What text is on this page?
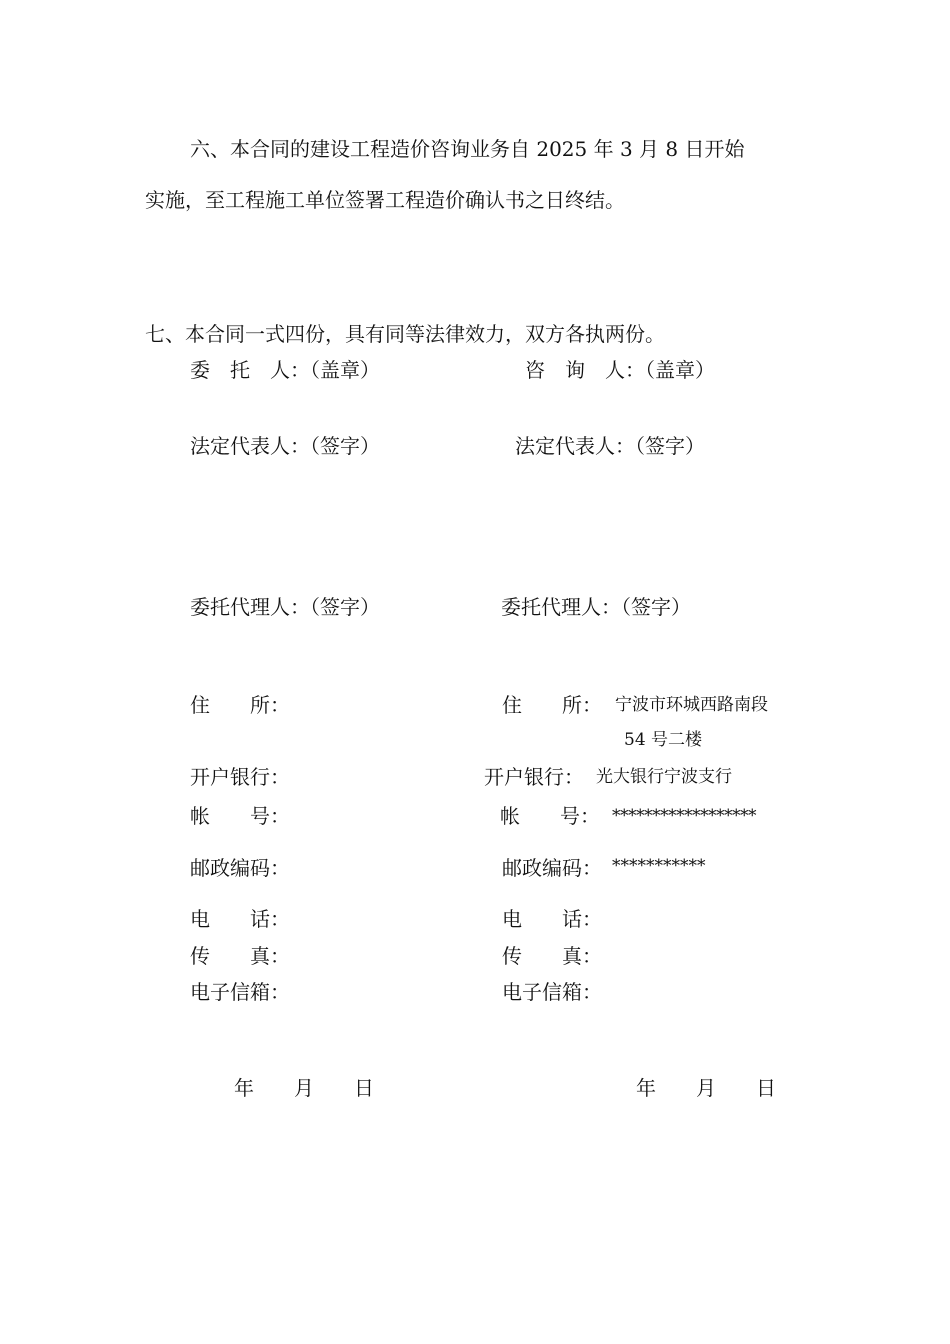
六、本合同的建设工程造价咨询业务自 2025 年 3 月 8 日开始
实施，至工程施工单位签署工程造价确认书之日终结。
七、本合同一式四份，具有同等法律效力，双方各执两份。
委　托　人：（盖章）
法定代表人：（签字）
委托代理人：（签字）
住　　所：
开户银行：
帐　　号：
邮政编码：
电　　话：
传　　真：
电子信箱：
年　　月　　日
咨　询　人：（盖章）
法定代表人：（签字）
委托代理人：（签字）
住　　所： 宁波市环城西路南段
54 号二楼
开户银行： 光大银行宁波支行
帐　　号： ******************
邮政编码： ***********
电　　话：
传　　真：
电子信箱：
年　　月　　日
